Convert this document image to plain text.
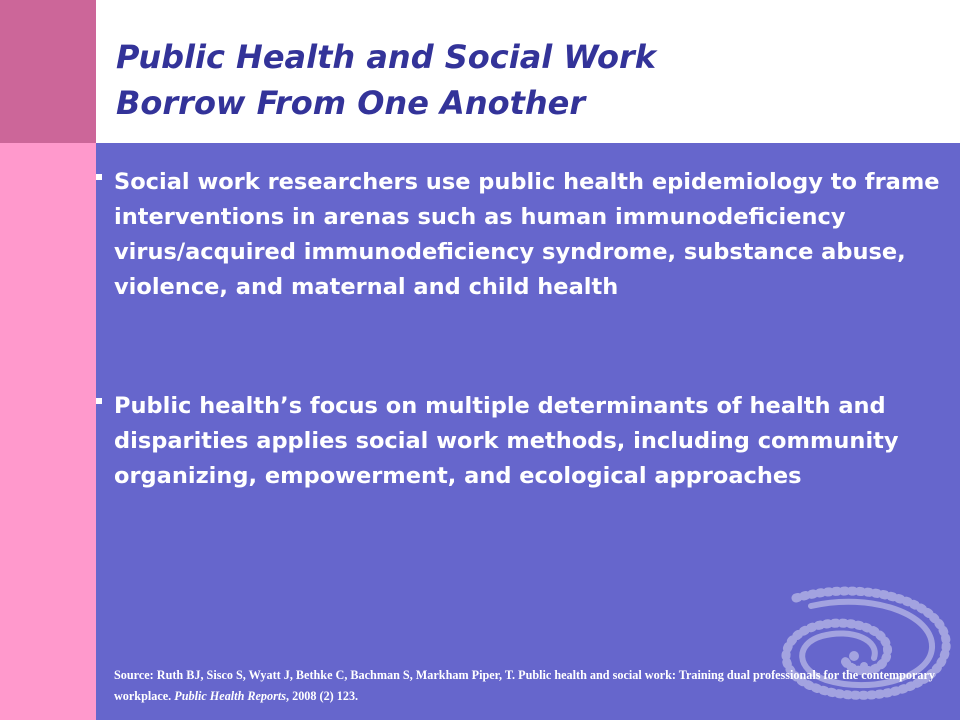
Public Health and Social Work
Borrow From One Another

Social work researchers use public health epidemiology to frame interventions in arenas such as human immunodeficiency virus/acquired immunodeficiency syndrome, substance abuse, violence, and maternal and child health

Public health’s focus on multiple determinants of health and disparities applies social work methods, including community organizing, empowerment, and ecological approaches

Source: Ruth BJ, Sisco S, Wyatt J, Bethke C, Bachman S, Markham Piper, T. Public health and social work: Training dual professionals for the contemporary workplace. Public Health Reports, 2008 (2) 123.
